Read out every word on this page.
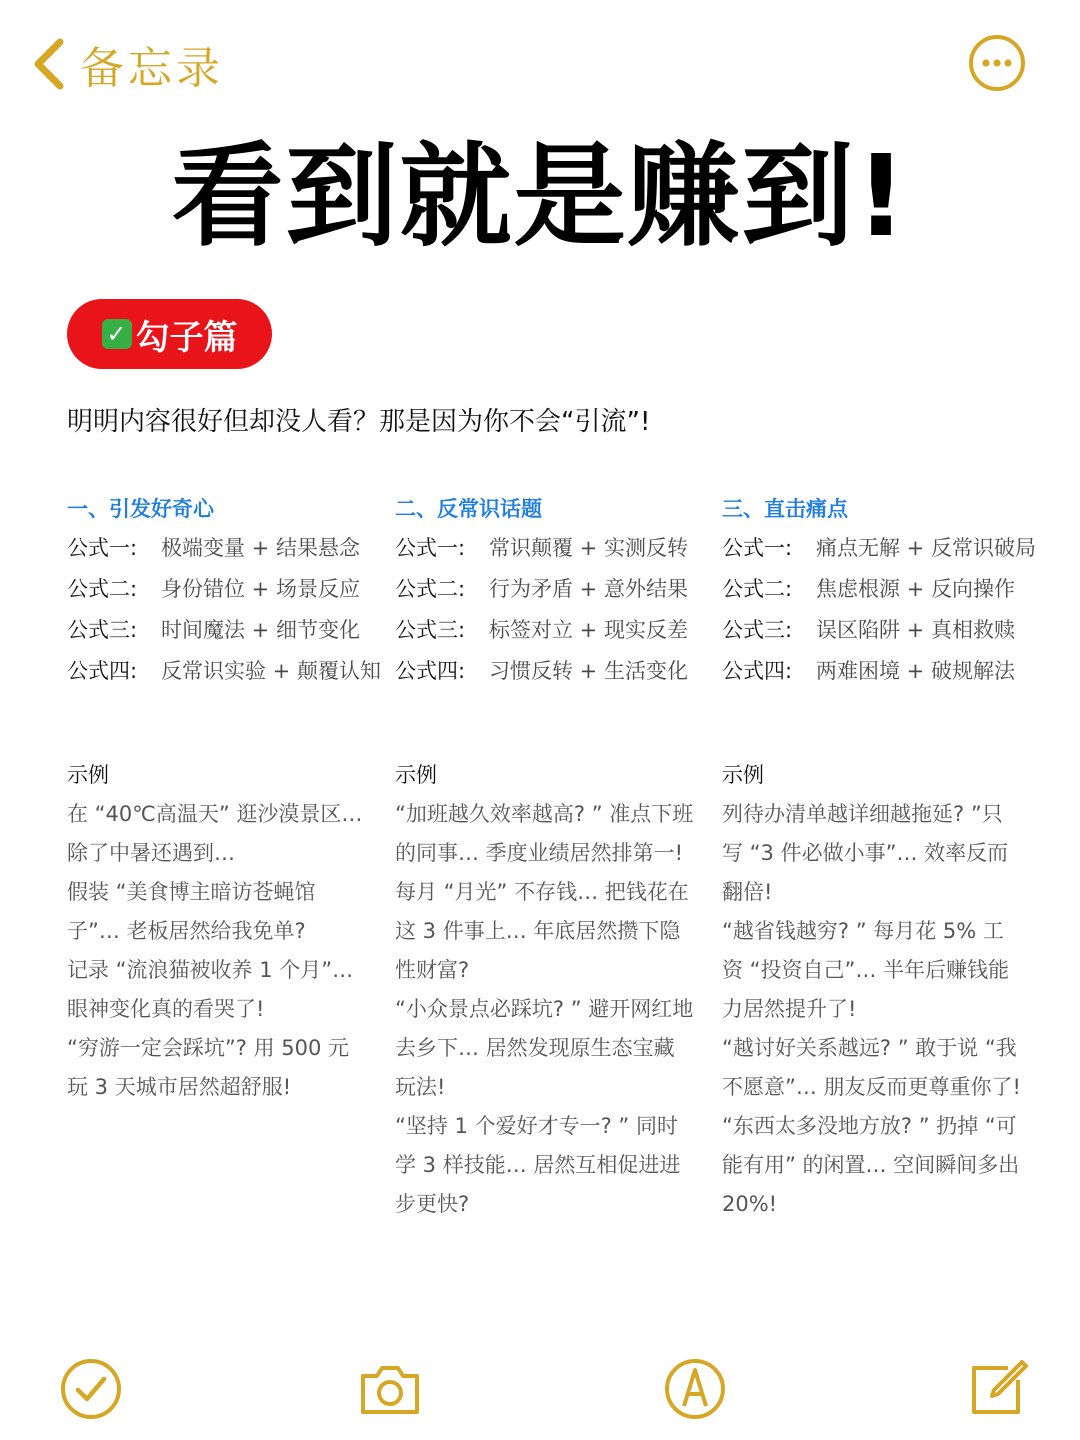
备忘录
看到就是赚到!
✓ 勾子篇
明明内容很好但却没人看？那是因为你不会“引流”!
一、引发好奇心
公式一: 极端变量 + 结果悬念
公式二: 身份错位 + 场景反应
公式三: 时间魔法 + 细节变化
公式四: 反常识实验 + 颠覆认知
二、反常识话题
公式一: 常识颠覆 + 实测反转
公式二: 行为矛盾 + 意外结果
公式三: 标签对立 + 现实反差
公式四: 习惯反转 + 生活变化
三、直击痛点
公式一: 痛点无解 + 反常识破局
公式二: 焦虑根源 + 反向操作
公式三: 误区陷阱 + 真相救赎
公式四: 两难困境 + 破规解法
示例	示例	示例

在 “40℃高温天” 逛沙漠景区… 除了中暑还遇到…

假装 “美食博主暗访苍蝇馆子”… 老板居然给我免单?

记录 “流浪猫被收养 1 个月”… 眼神变化真的看哭了!

“穷游一定会踩坑”? 用 500 元玩 3 天城市居然超舒服!

“加班越久效率越高? ” 准点下班的同事… 季度业绩居然排第一!

每月 “月光” 不存钱… 把钱花在这 3 件事上… 年底居然攒下隐性财富?

“小众景点必踩坑? ” 避开网红地去乡下… 居然发现原生态宝藏玩法!

“坚持 1 个爱好才专一? ” 同时学 3 样技能… 居然互相促进进步更快?

列待办清单越详细越拖延? ”只写 “3 件必做小事”… 效率反而翻倍!

“越省钱越穷? ” 每月花 5% 工资 “投资自己”… 半年后赚钱能力居然提升了!

“越讨好关系越远? ” 敢于说 “我不愿意”… 朋友反而更尊重你了!

“东西太多没地方放? ” 扔掉 “可能有用” 的闲置… 空间瞬间多出 20%!
